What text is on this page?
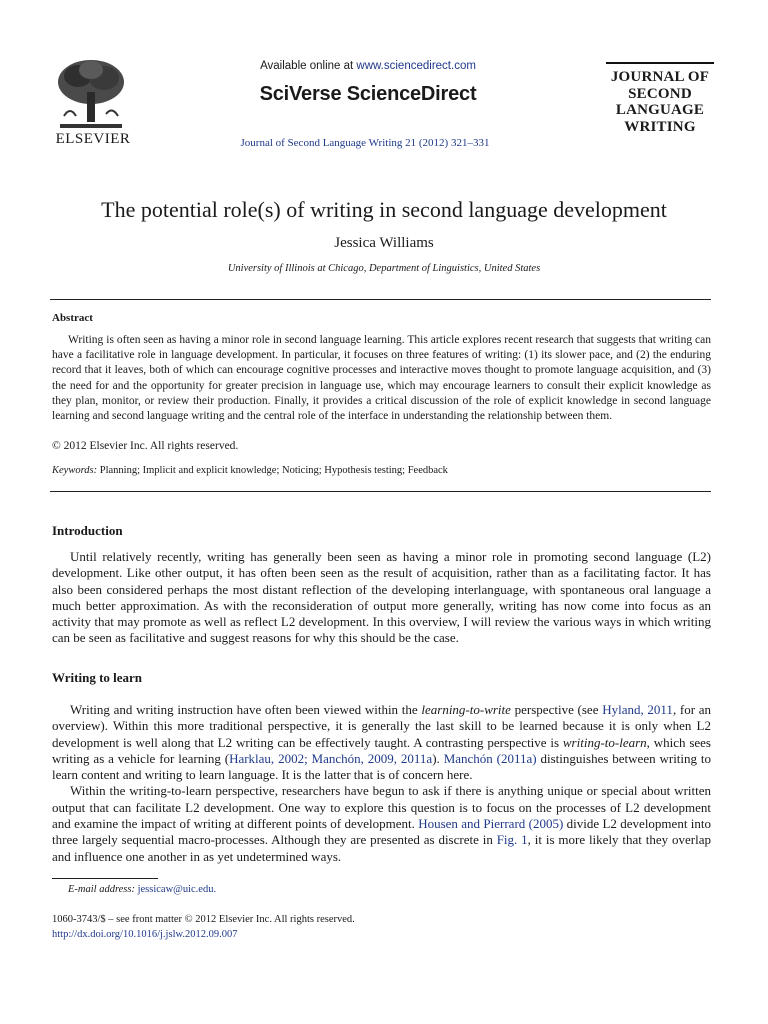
ELSEVIER
Available online at www.sciencedirect.com
SciVerse ScienceDirect
Journal of Second Language Writing 21 (2012) 321–331
JOURNAL OF
SECOND
LANGUAGE
WRITING
The potential role(s) of writing in second language development
Jessica Williams
University of Illinois at Chicago, Department of Linguistics, United States
Abstract

Writing is often seen as having a minor role in second language learning. This article explores recent research that suggests that writing can have a facilitative role in language development. In particular, it focuses on three features of writing: (1) its slower pace, and (2) the enduring record that it leaves, both of which can encourage cognitive processes and interactive moves thought to promote language acquisition, and (3) the need for and the opportunity for greater precision in language use, which may encourage learners to consult their explicit knowledge as they plan, monitor, or review their production. Finally, it provides a critical discussion of the role of explicit knowledge in second language learning and second language writing and the central role of the interface in understanding the relationship between them.

© 2012 Elsevier Inc. All rights reserved.
Keywords: Planning; Implicit and explicit knowledge; Noticing; Hypothesis testing; Feedback
Introduction

Until relatively recently, writing has generally been seen as having a minor role in promoting second language (L2) development. Like other output, it has often been seen as the result of acquisition, rather than as a facilitating factor. It has also been considered perhaps the most distant reflection of the developing interlanguage, with spontaneous oral language a much better approximation. As with the reconsideration of output more generally, writing has now come into focus as an activity that may promote as well as reflect L2 development. In this overview, I will review the various ways in which writing can be seen as facilitative and suggest reasons for why this should be the case.

Writing to learn

Writing and writing instruction have often been viewed within the learning-to-write perspective (see Hyland, 2011, for an overview). Within this more traditional perspective, it is generally the last skill to be learned because it is only when L2 development is well along that L2 writing can be effectively taught. A contrasting perspective is writing-to-learn, which sees writing as a vehicle for learning (Harklau, 2002; Manchón, 2009, 2011a). Manchón (2011a) distinguishes between writing to learn content and writing to learn language. It is the latter that is of concern here.

Within the writing-to-learn perspective, researchers have begun to ask if there is anything unique or special about written output that can facilitate L2 development. One way to explore this question is to focus on the processes of L2 development and examine the impact of writing at different points of development. Housen and Pierrard (2005) divide L2 development into three largely sequential macro-processes. Although they are presented as discrete in Fig. 1, it is more likely that they overlap and influence one another in as yet undetermined ways.

E-mail address: jessicaw@uic.edu.
1060-3743/$ – see front matter © 2012 Elsevier Inc. All rights reserved.
http://dx.doi.org/10.1016/j.jslw.2012.09.007
